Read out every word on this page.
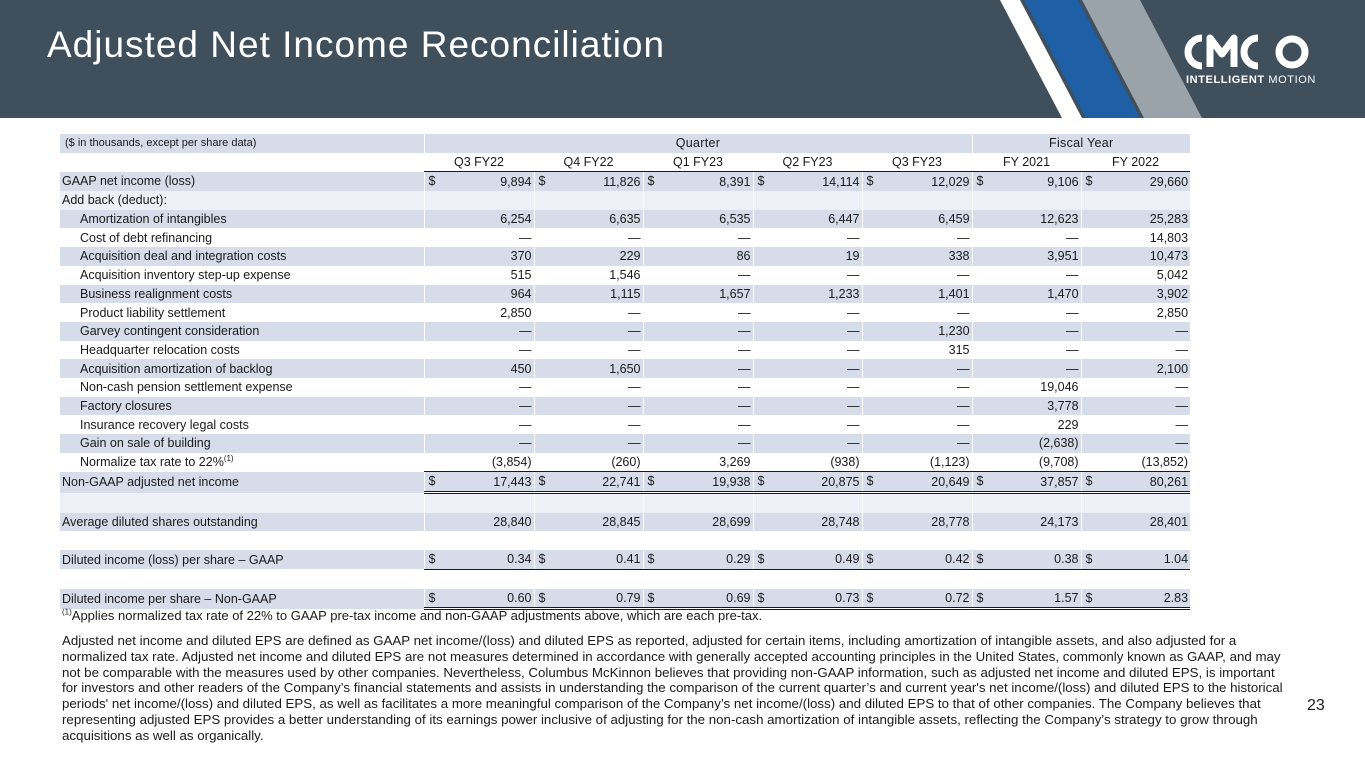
Adjusted Net Income Reconciliation	CMCO
INTELLIGENT MOTION
($ in thousands, except per share data)	Quarter					Fiscal Year	
	Q3 FY22	Q4 FY22	Q1 FY23	Q2 FY23	Q3 FY23	FY 2021	FY 2022
GAAP net income (loss)	$ 9,894	$ 11,826	$ 8,391	$ 14,114	$ 12,029	$ 9,106	$ 29,660
Add back (deduct):							
Amortization of intangibles	6,254	6,635	6,535	6,447	6,459	12,623	25,283
Cost of debt refinancing	—	—	—	—	—	—	14,803
Acquisition deal and integration costs	370	229	86	19	338	3,951	10,473
Acquisition inventory step-up expense	515	1,546	—	—	—	—	5,042
Business realignment costs	964	1,115	1,657	1,233	1,401	1,470	3,902
Product liability settlement	2,850	—	—	—	—	—	2,850
Garvey contingent consideration	—	—	—	—	1,230	—	—
Headquarter relocation costs	—	—	—	—	315	—	—
Acquisition amortization of backlog	450	1,650	—	—	—	—	2,100
Non-cash pension settlement expense	—	—	—	—	—	19,046	—
Factory closures	—	—	—	—	—	3,778	—
Insurance recovery legal costs	—	—	—	—	—	229	—
Gain on sale of building	—	—	—	—	—	(2,638)	—
Normalize tax rate to 22%$^{(1)}$	(3,854)	(260)	3,269	(938)	(1,123)	(9,708)	(13,852)
Non-GAAP adjusted net income	$ 17,443	$ 22,741	$ 19,938	$ 20,875	$ 20,649	$ 37,857	$ 80,261

Average diluted shares outstanding	28,840	28,845	28,699	28,748	28,778	24,173	28,401

Diluted income (loss) per share – GAAP	$ 0.34	$ 0.41	$ 0.29	$ 0.49	$ 0.42	$ 0.38	$ 1.04

Diluted income per share – Non-GAAP	$ 0.60	$ 0.79	$ 0.69	$ 0.73	$ 0.72	$ 1.57	$ 2.83
$^{(1)}$Applies normalized tax rate of 22% to GAAP pre-tax income and non-GAAP adjustments above, which are each pre-tax.
Adjusted net income and diluted EPS are defined as GAAP net income/(loss) and diluted EPS as reported, adjusted for certain items, including amortization of intangible assets, and also adjusted for a normalized tax rate. Adjusted net income and diluted EPS are not measures determined in accordance with generally accepted accounting principles in the United States, commonly known as GAAP, and may not be comparable with the measures used by other companies. Nevertheless, Columbus McKinnon believes that providing non-GAAP information, such as adjusted net income and diluted EPS, is important for investors and other readers of the Company’s financial statements and assists in understanding the comparison of the current quarter’s and current year's net income/(loss) and diluted EPS to the historical periods' net income/(loss) and diluted EPS, as well as facilitates a more meaningful comparison of the Company’s net income/(loss) and diluted EPS to that of other companies. The Company believes that representing adjusted EPS provides a better understanding of its earnings power inclusive of adjusting for the non-cash amortization of intangible assets, reflecting the Company’s strategy to grow through acquisitions as well as organically.
23
